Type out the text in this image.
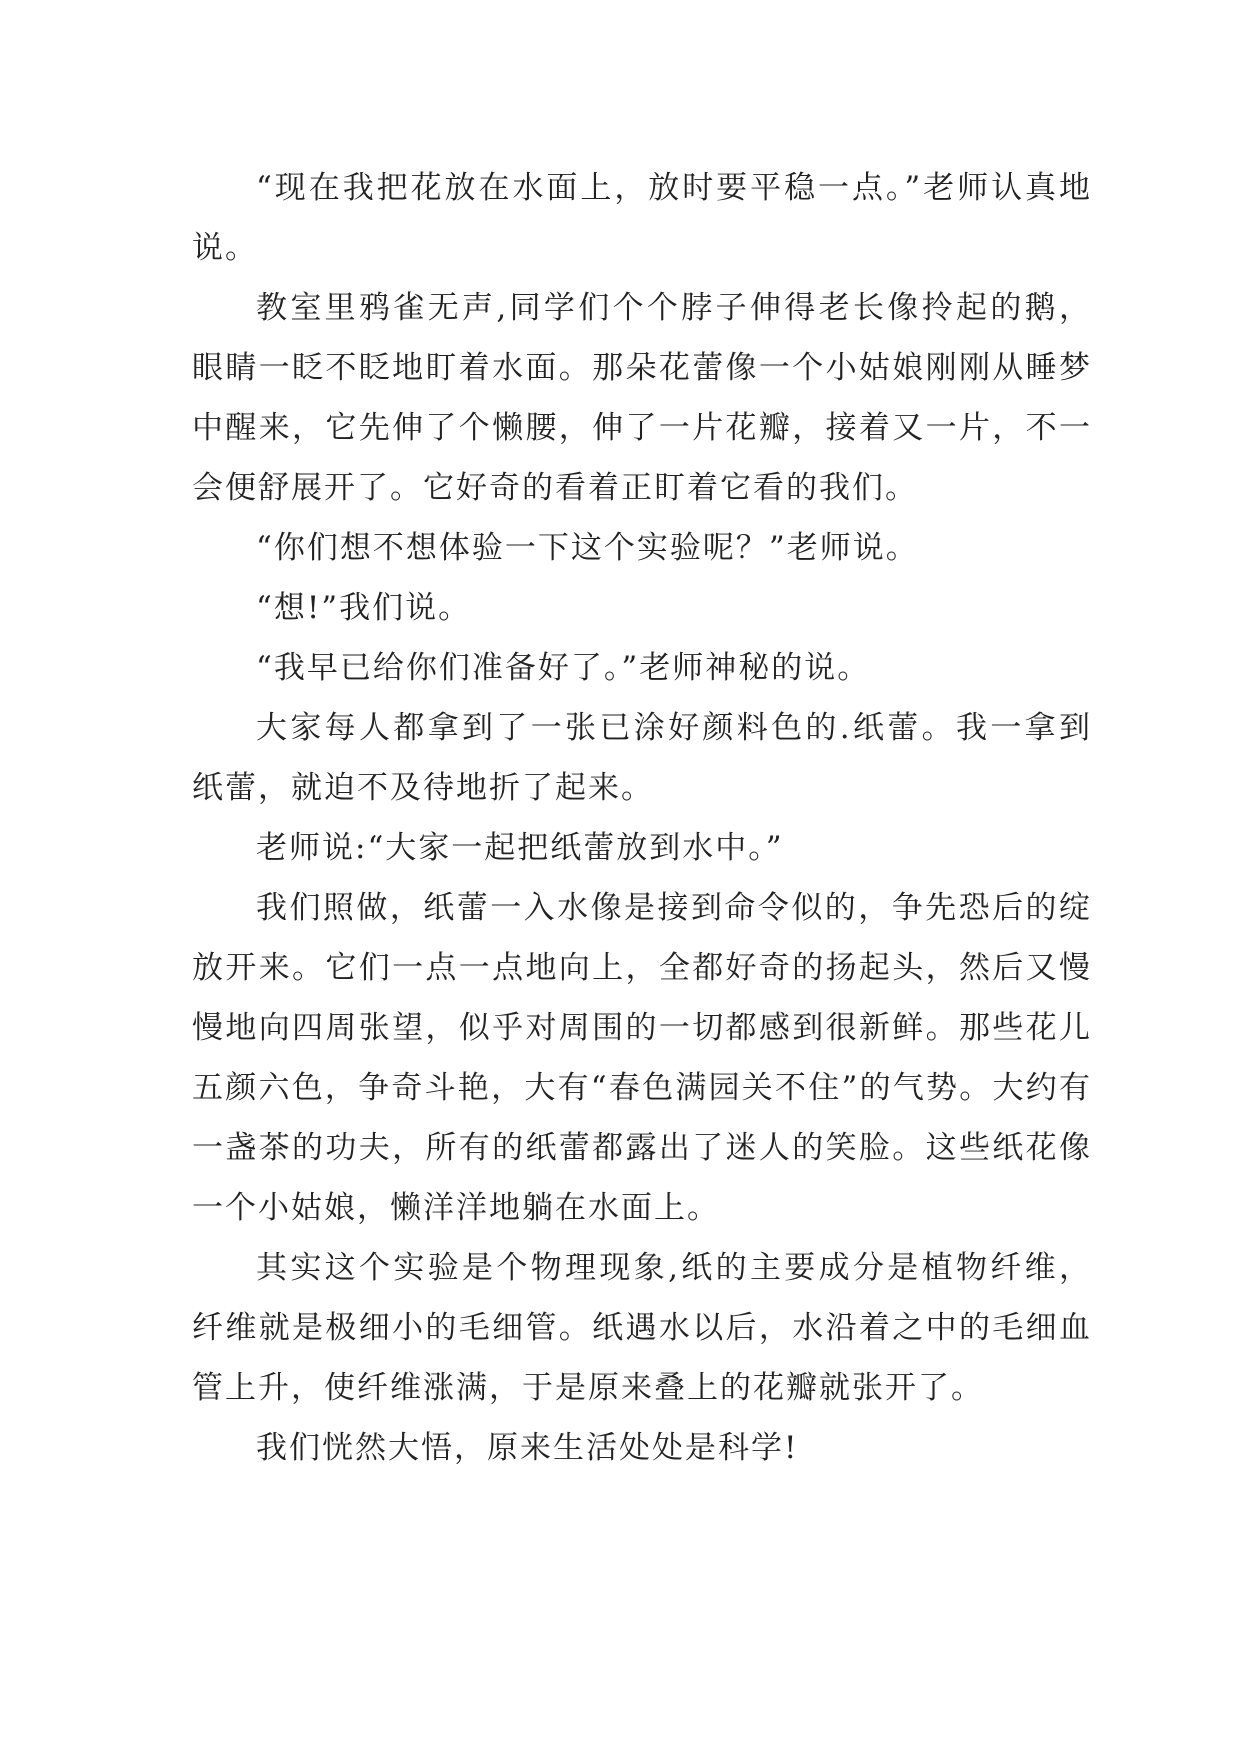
“现在我把花放在水面上，放时要平稳一点。”老师认真地说。

教室里鸦雀无声,同学们个个脖子伸得老长像拎起的鹅，眼睛一眨不眨地盯着水面。那朵花蕾像一个小姑娘刚刚从睡梦中醒来，它先伸了个懒腰，伸了一片花瓣，接着又一片，不一会便舒展开了。它好奇的看着正盯着它看的我们。

“你们想不想体验一下这个实验呢？”老师说。

“想!”我们说。

“我早已给你们准备好了。”老师神秘的说。

大家每人都拿到了一张已涂好颜料色的.纸蕾。我一拿到纸蕾，就迫不及待地折了起来。

老师说:“大家一起把纸蕾放到水中。”

我们照做，纸蕾一入水像是接到命令似的，争先恐后的绽放开来。它们一点一点地向上，全都好奇的扬起头，然后又慢慢地向四周张望，似乎对周围的一切都感到很新鲜。那些花儿五颜六色，争奇斗艳，大有“春色满园关不住”的气势。大约有一盏茶的功夫，所有的纸蕾都露出了迷人的笑脸。这些纸花像一个小姑娘，懒洋洋地躺在水面上。

其实这个实验是个物理现象,纸的主要成分是植物纤维，纤维就是极细小的毛细管。纸遇水以后，水沿着之中的毛细血管上升，使纤维涨满，于是原来叠上的花瓣就张开了。

我们恍然大悟，原来生活处处是科学!
